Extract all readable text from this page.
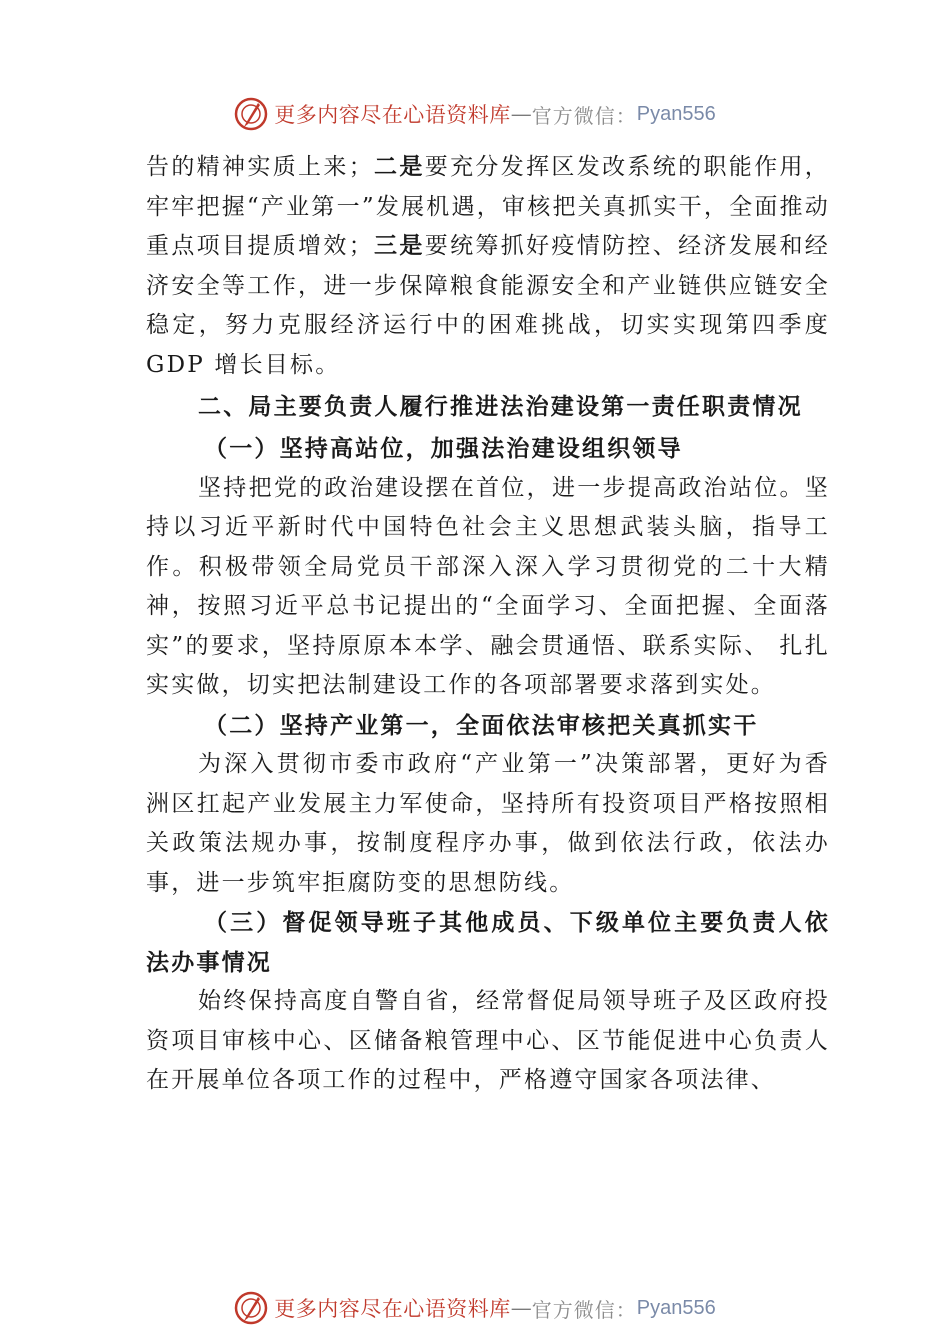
更多内容尽在心语资料库 — 官方微信： Pyan556

告的精神实质上来；二是要充分发挥区发改系统的职能作用，牢牢把握“产业第一”发展机遇，审核把关真抓实干，全面推动重点项目提质增效；三是要统筹抓好疫情防控、经济发展和经济安全等工作，进一步保障粮食能源安全和产业链供应链安全稳定，努力克服经济运行中的困难挑战，切实实现第四季度 GDP 增长目标。

二、局主要负责人履行推进法治建设第一责任职责情况

（一）坚持高站位，加强法治建设组织领导

坚持把党的政治建设摆在首位，进一步提高政治站位。坚持以习近平新时代中国特色社会主义思想武装头脑，指导工作。积极带领全局党员干部深入深入学习贯彻党的二十大精神，按照习近平总书记提出的“全面学习、全面把握、全面落实”的要求，坚持原原本本学、融会贯通悟、联系实际、 扎扎实实做，切实把法制建设工作的各项部署要求落到实处。

（二）坚持产业第一，全面依法审核把关真抓实干

为深入贯彻市委市政府“产业第一”决策部署，更好为香洲区扛起产业发展主力军使命，坚持所有投资项目严格按照相关政策法规办事，按制度程序办事，做到依法行政，依法办事，进一步筑牢拒腐防变的思想防线。

（三）督促领导班子其他成员、下级单位主要负责人依法办事情况

始终保持高度自警自省，经常督促局领导班子及区政府投资项目审核中心、区储备粮管理中心、区节能促进中心负责人在开展单位各项工作的过程中，严格遵守国家各项法律、

更多内容尽在心语资料库 — 官方微信： Pyan556
